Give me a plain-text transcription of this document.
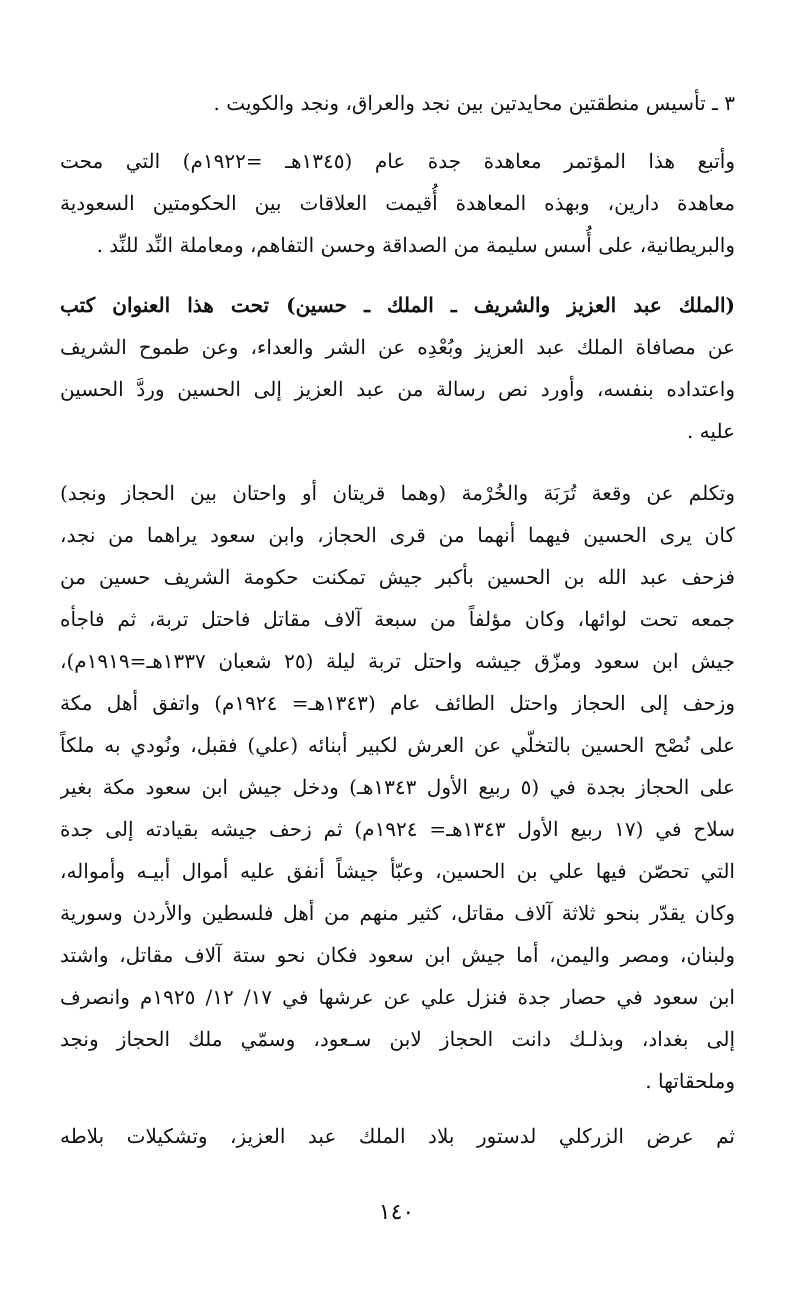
٣ ـ تأسيس منطقتين محايدتين بين نجد والعراق، ونجد والكويت .
وأتبع هذا المؤتمر معاهدة جدة عام (١٣٤٥هـ =١٩٢٢م) التي محت
معاهدة دارين، وبهذه المعاهدة أُقيمت العلاقات بين الحكومتين السعودية
والبريطانية، على أُسس سليمة من الصداقة وحسن التفاهم، ومعاملة النِّد للنِّد .
(الملك عبد العزيز والشريف ـ الملك ـ حسين) تحت هذا العنوان كتب
عن مصافاة الملك عبد العزيز وبُعْدِه عن الشر والعداء، وعن طموح الشريف
واعتداده بنفسه، وأورد نص رسالة من عبد العزيز إلى الحسين وردَّ الحسين
عليه .
وتكلم عن وقعة تُرَبَة والخُرْمة (وهما قريتان أو واحتان بين الحجاز ونجد)
كان يرى الحسين فيهما أنهما من قرى الحجاز، وابن سعود يراهما من نجد،
فزحف عبد الله بن الحسين بأكبر جيش تمكنت حكومة الشريف حسين من
جمعه تحت لوائها، وكان مؤلفاً من سبعة آلاف مقاتل فاحتل تربة، ثم فاجأه
جيش ابن سعود ومزّق جيشه واحتل تربة ليلة (٢٥ شعبان ١٣٣٧هـ=١٩١٩م)،
وزحف إلى الحجاز واحتل الطائف عام (١٣٤٣هـ= ١٩٢٤م) واتفق أهل مكة
على نُصْح الحسين بالتخلّي عن العرش لكبير أبنائه (علي) فقبل، ونُودي به ملكاً
على الحجاز بجدة في (٥ ربيع الأول ١٣٤٣هـ) ودخل جيش ابن سعود مكة بغير
سلاح في (١٧ ربيع الأول ١٣٤٣هـ= ١٩٢٤م) ثم زحف جيشه بقيادته إلى جدة
التي تحصّن فيها علي بن الحسين، وعبّأ جيشاً أنفق عليه أموال أبيـه وأمواله،
وكان يقدّر بنحو ثلاثة آلاف مقاتل، كثير منهم من أهل فلسطين والأردن وسورية
ولبنان، ومصر واليمن، أما جيش ابن سعود فكان نحو ستة آلاف مقاتل، واشتد
ابن سعود في حصار جدة فنزل علي عن عرشها في ١٧/ ١٢/ ١٩٢٥م وانصرف
إلى بغداد، وبذلـك دانت الحجاز لابن سـعود، وسمّي ملك الحجاز ونجد
وملحقاتها .
ثم عرض الزركلي لدستور بلاد الملك عبد العزيز، وتشكيلات بلاطه
١٤٠
